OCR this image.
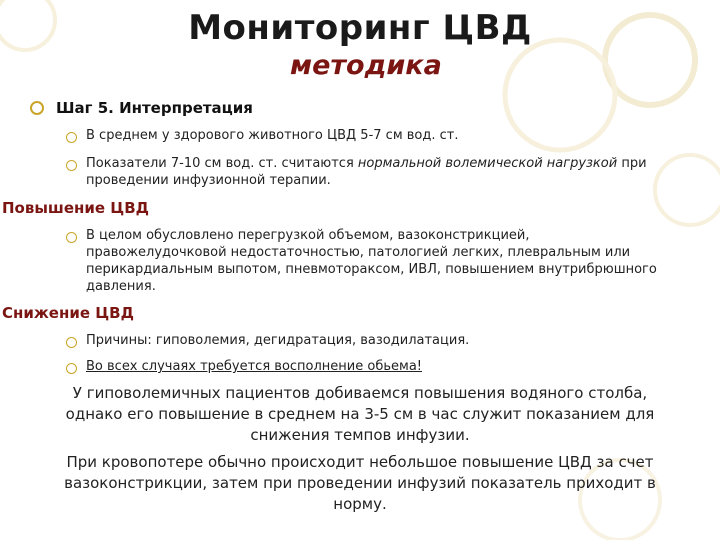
Мониторинг ЦВД
методика
Шаг 5. Интерпретация
В среднем у здорового животного ЦВД 5-7 см вод. ст.
Показатели 7-10 см вод. ст. считаются нормальной волемической нагрузкой при
проведении инфузионной терапии.
Повышение ЦВД
В целом обусловлено перегрузкой объемом, вазоконстрикцией,
правожелудочковой недостаточностью, патологией легких, плевральным или
перикардиальным выпотом, пневмотораксом, ИВЛ, повышением внутрибрюшного
давления.
Снижение ЦВД
Причины: гиповолемия, дегидратация, вазодилатация.
Во всех случаях требуется восполнение обьема!
У гиповолемичных пациентов добиваемся повышения водяного столба,
однако его повышение в среднем на 3-5 см в час служит показанием для
снижения темпов инфузии.
При кровопотере обычно происходит небольшое повышение ЦВД за счет
вазоконстрикции, затем при проведении инфузий показатель приходит в
норму.
